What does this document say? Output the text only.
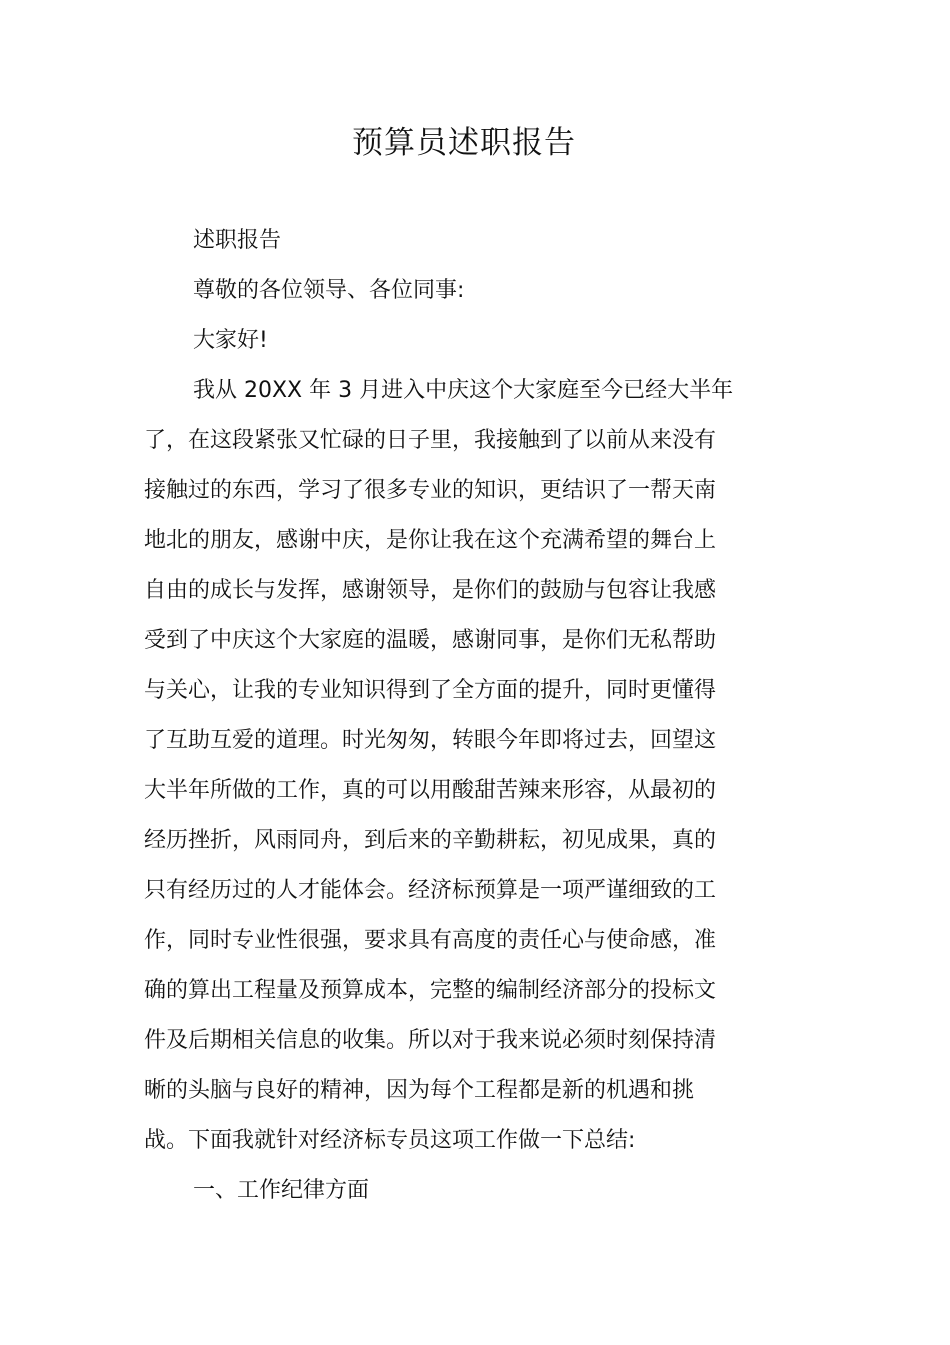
预算员述职报告
述职报告
尊敬的各位领导、各位同事:
大家好!
我从 20XX 年 3 月进入中庆这个大家庭至今已经大半年
了，在这段紧张又忙碌的日子里，我接触到了以前从来没有
接触过的东西，学习了很多专业的知识，更结识了一帮天南
地北的朋友，感谢中庆，是你让我在这个充满希望的舞台上
自由的成长与发挥，感谢领导，是你们的鼓励与包容让我感
受到了中庆这个大家庭的温暖，感谢同事，是你们无私帮助
与关心，让我的专业知识得到了全方面的提升，同时更懂得
了互助互爱的道理。时光匆匆，转眼今年即将过去，回望这
大半年所做的工作，真的可以用酸甜苦辣来形容，从最初的
经历挫折，风雨同舟，到后来的辛勤耕耘，初见成果，真的
只有经历过的人才能体会。经济标预算是一项严谨细致的工
作，同时专业性很强，要求具有高度的责任心与使命感，准
确的算出工程量及预算成本，完整的编制经济部分的投标文
件及后期相关信息的收集。所以对于我来说必须时刻保持清
晰的头脑与良好的精神，因为每个工程都是新的机遇和挑
战。下面我就针对经济标专员这项工作做一下总结:
一、工作纪律方面
